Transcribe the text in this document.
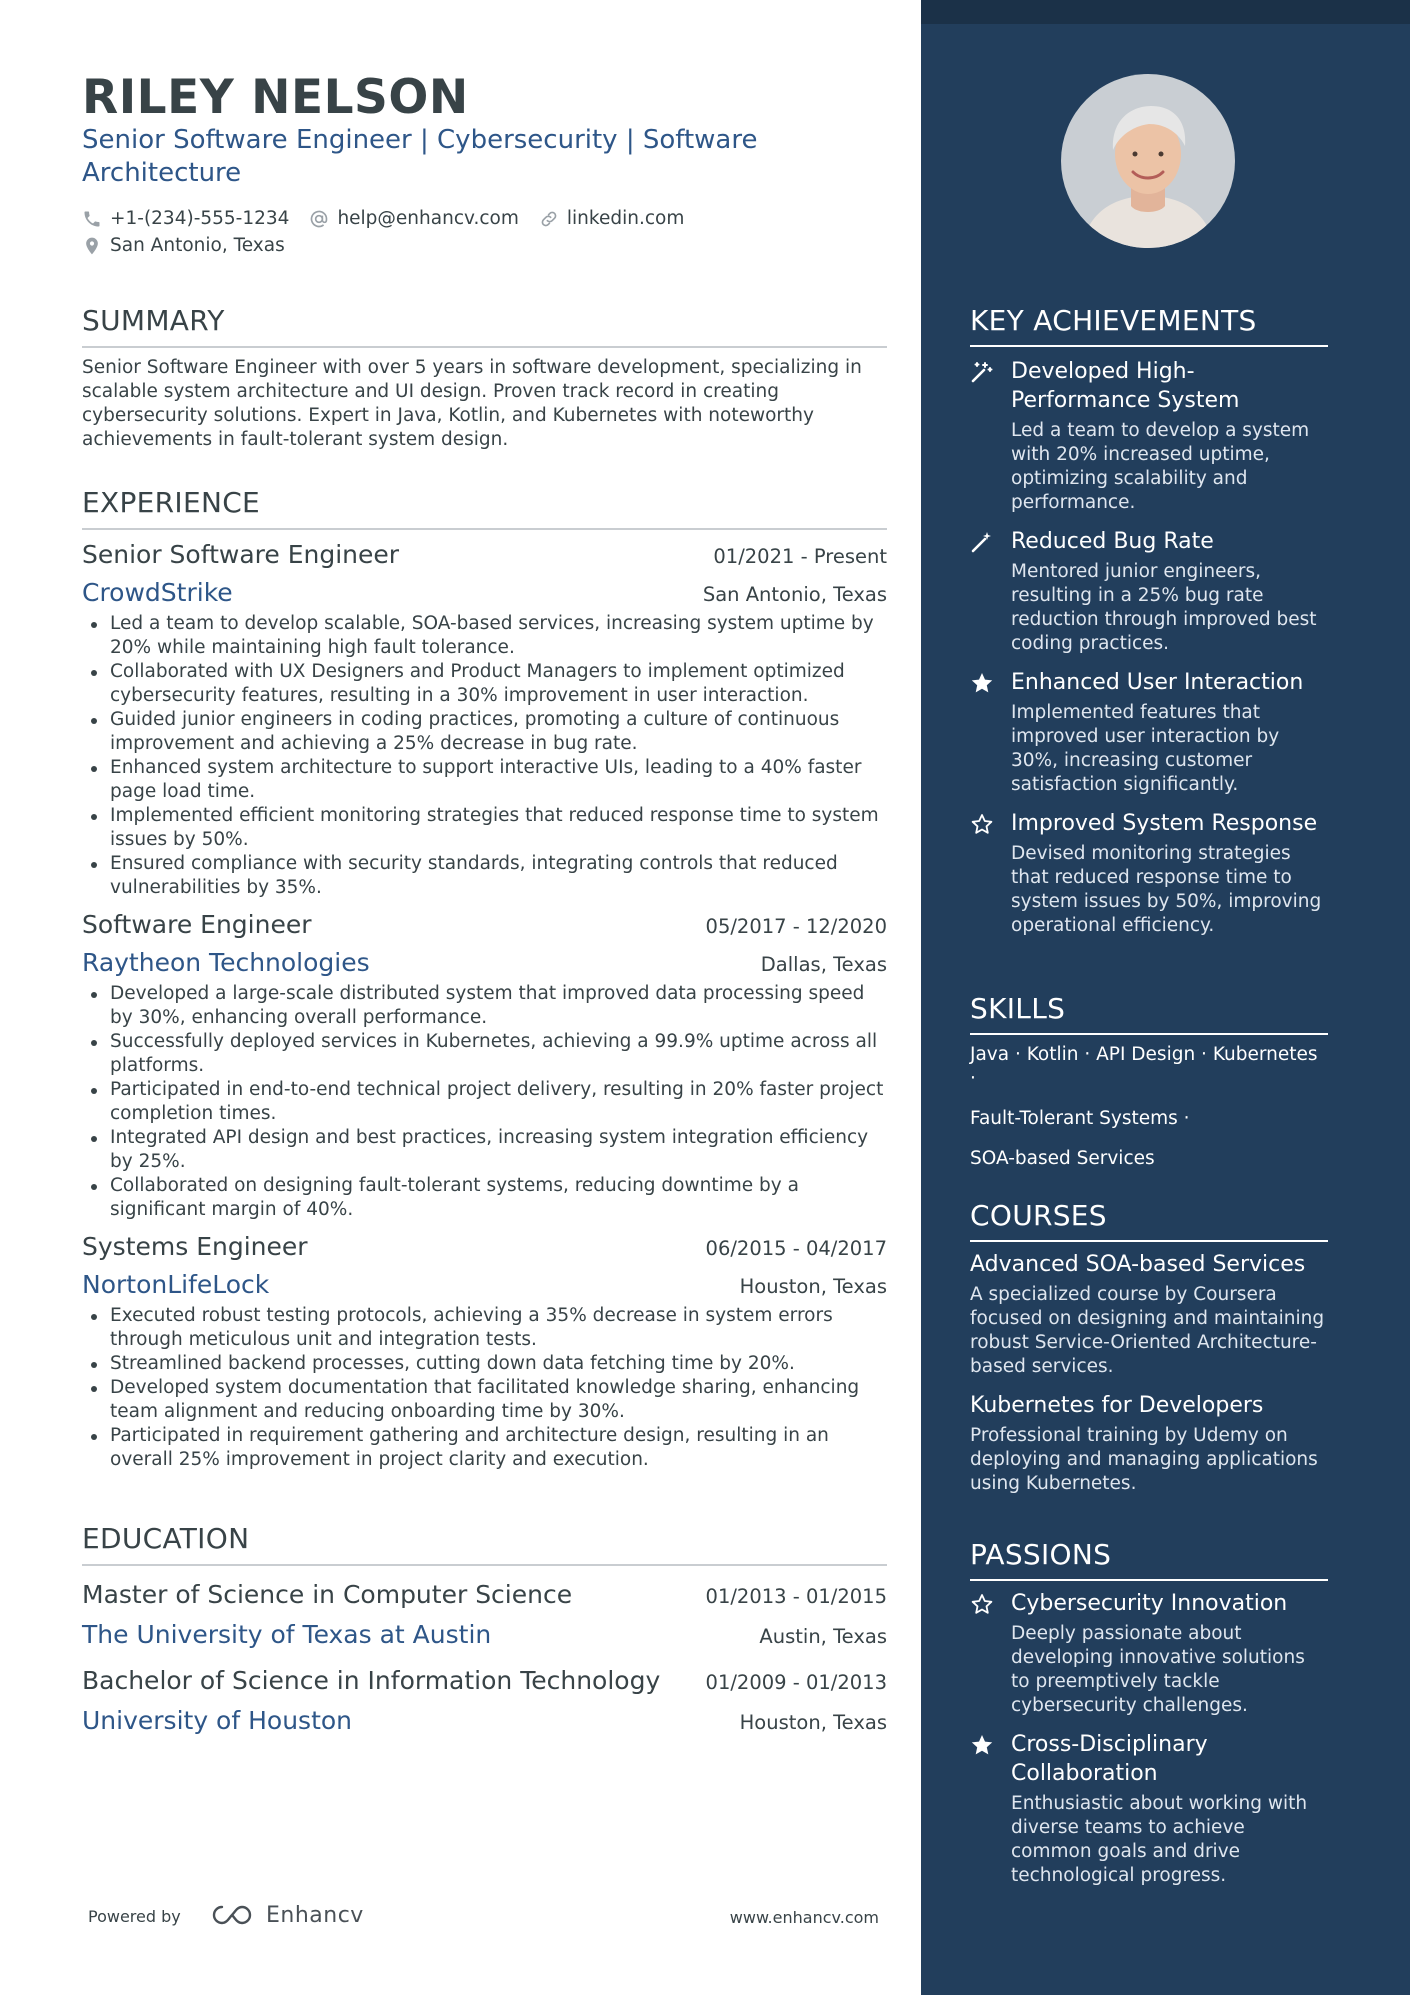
RILEY NELSON
Senior Software Engineer | Cybersecurity | Software Architecture
+1-(234)-555-1234	help@enhancv.com	linkedin.com
San Antonio, Texas
SUMMARY

Senior Software Engineer with over 5 years in software development, specializing in scalable system architecture and UI design. Proven track record in creating cybersecurity solutions. Expert in Java, Kotlin, and Kubernetes with noteworthy achievements in fault-tolerant system design.

EXPERIENCE
Senior Software Engineer	01/2021 - Present
CrowdStrike	San Antonio, Texas
Led a team to develop scalable, SOA-based services, increasing system uptime by 20% while maintaining high fault tolerance.
Collaborated with UX Designers and Product Managers to implement optimized cybersecurity features, resulting in a 30% improvement in user interaction.
Guided junior engineers in coding practices, promoting a culture of continuous improvement and achieving a 25% decrease in bug rate.
Enhanced system architecture to support interactive UIs, leading to a 40% faster page load time.
Implemented efficient monitoring strategies that reduced response time to system issues by 50%.
Ensured compliance with security standards, integrating controls that reduced vulnerabilities by 35%.
Software Engineer	05/2017 - 12/2020
Raytheon Technologies	Dallas, Texas
Developed a large-scale distributed system that improved data processing speed by 30%, enhancing overall performance.
Successfully deployed services in Kubernetes, achieving a 99.9% uptime across all platforms.
Participated in end-to-end technical project delivery, resulting in 20% faster project completion times.
Integrated API design and best practices, increasing system integration efficiency by 25%.
Collaborated on designing fault-tolerant systems, reducing downtime by a significant margin of 40%.
Systems Engineer	06/2015 - 04/2017
NortonLifeLock	Houston, Texas
Executed robust testing protocols, achieving a 35% decrease in system errors through meticulous unit and integration tests.
Streamlined backend processes, cutting down data fetching time by 20%.
Developed system documentation that facilitated knowledge sharing, enhancing team alignment and reducing onboarding time by 30%.
Participated in requirement gathering and architecture design, resulting in an overall 25% improvement in project clarity and execution.
EDUCATION
Master of Science in Computer Science	01/2013 - 01/2015
The University of Texas at Austin	Austin, Texas
Bachelor of Science in Information Technology 01/2009 - 01/2013
University of Houston	Houston, Texas
Powered by	Enhancv	www.enhancv.com
KEY ACHIEVEMENTS
Developed High-Performance System
Led a team to develop a system with 20% increased uptime, optimizing scalability and performance.
Reduced Bug Rate
Mentored junior engineers, resulting in a 25% bug rate reduction through improved best coding practices.
Enhanced User Interaction
Implemented features that improved user interaction by 30%, increasing customer satisfaction significantly.
Improved System Response
Devised monitoring strategies that reduced response time to system issues by 50%, improving operational efficiency.
SKILLS
Java · Kotlin · API Design · Kubernetes ·
Fault-Tolerant Systems ·
SOA-based Services
COURSES
Advanced SOA-based Services
A specialized course by Coursera focused on designing and maintaining robust Service-Oriented Architecture-based services.
Kubernetes for Developers
Professional training by Udemy on deploying and managing applications using Kubernetes.
PASSIONS
Cybersecurity Innovation
Deeply passionate about developing innovative solutions to preemptively tackle cybersecurity challenges.
Cross-Disciplinary Collaboration
Enthusiastic about working with diverse teams to achieve common goals and drive technological progress.
